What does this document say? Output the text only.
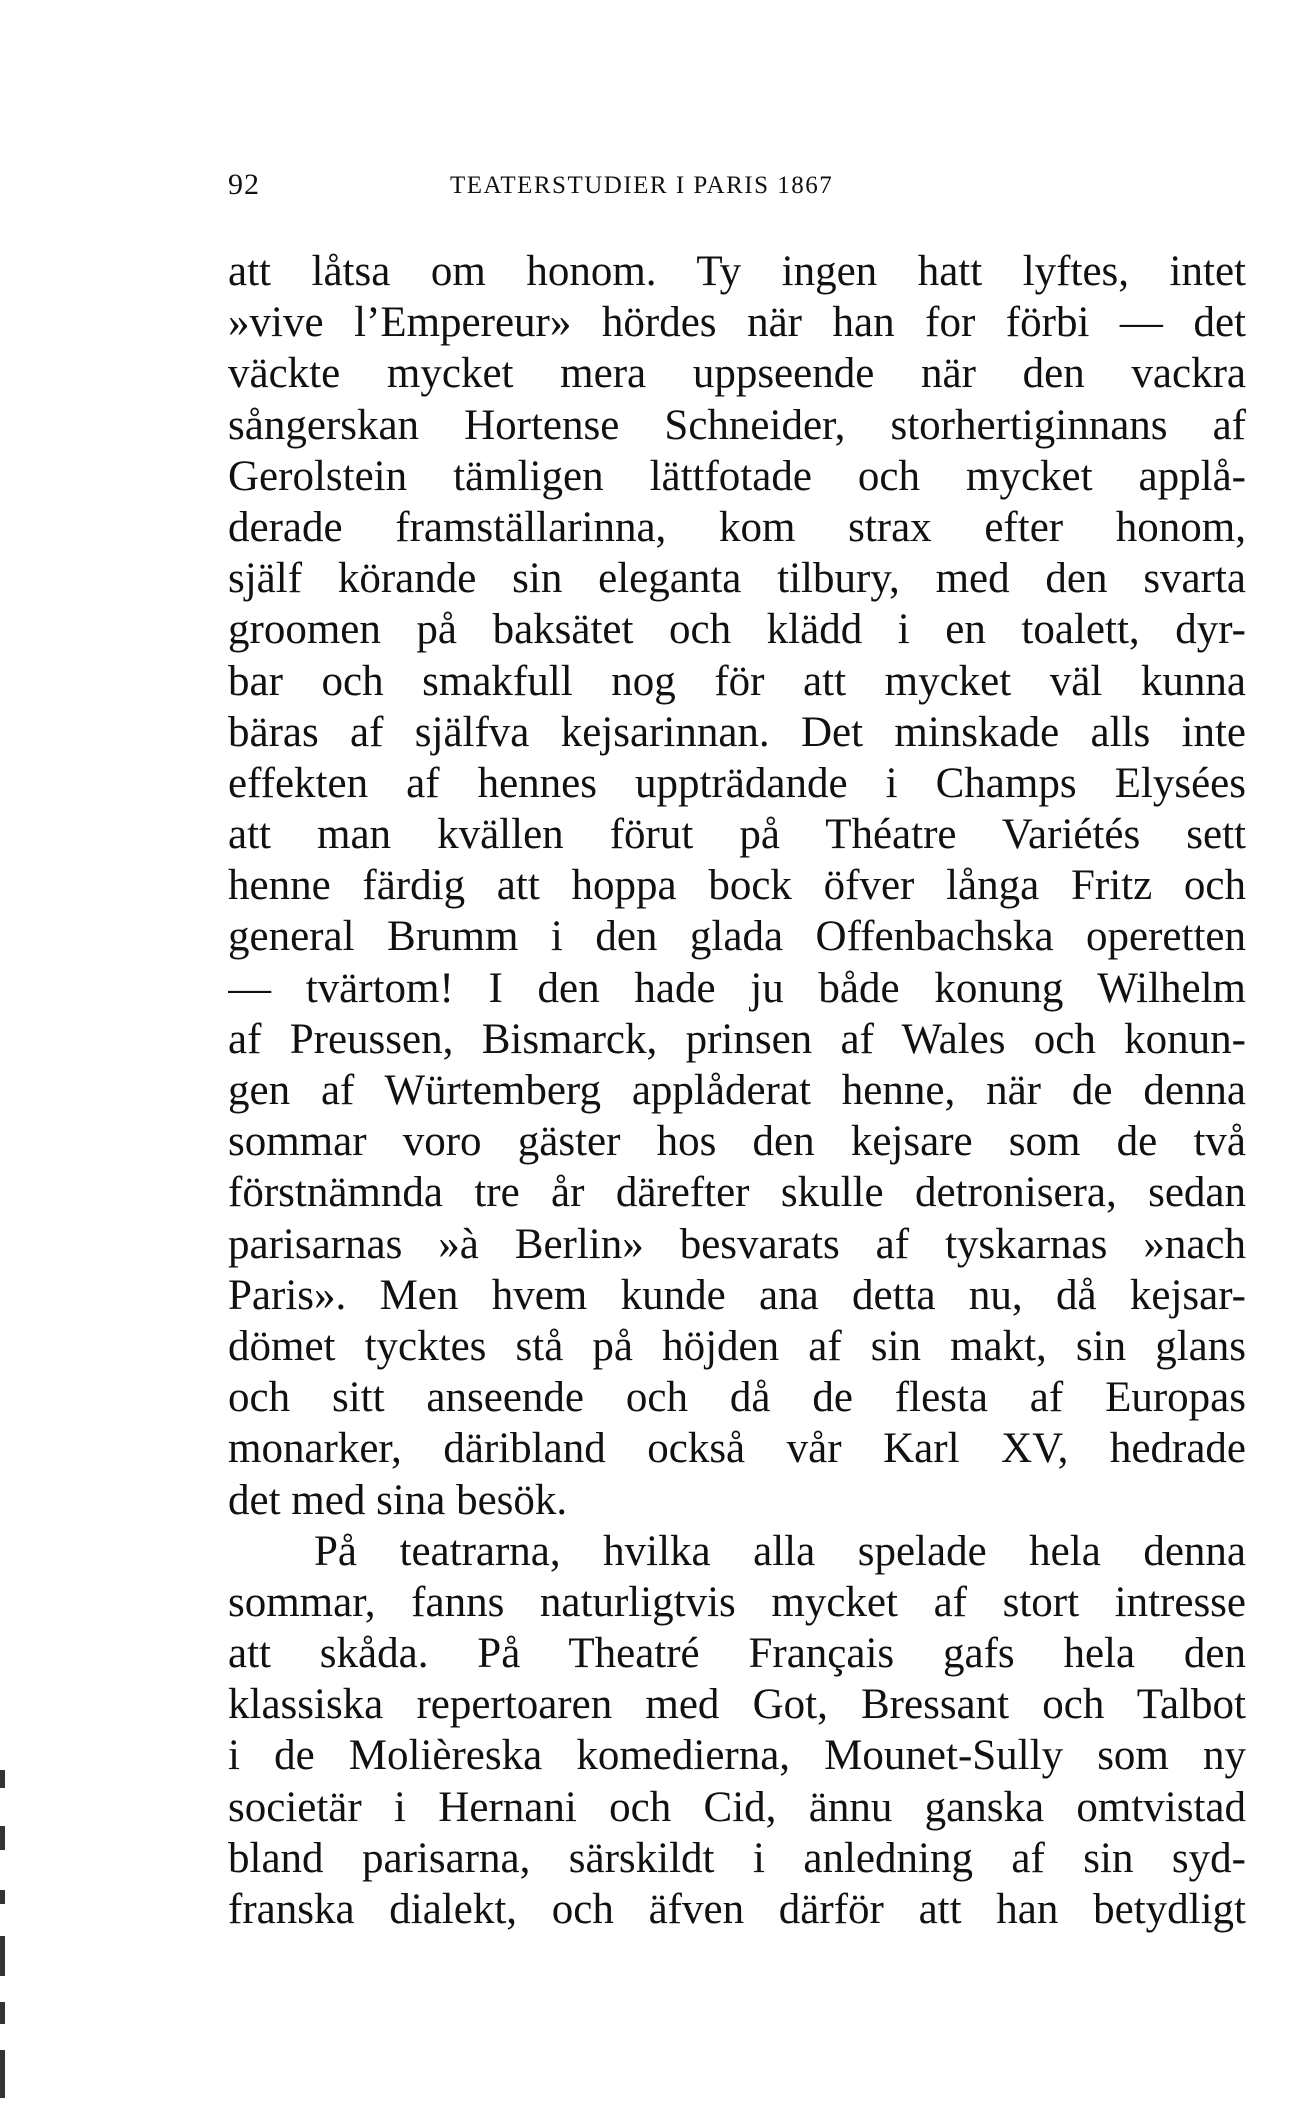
92	TEATERSTUDIER I PARIS 1867
att låtsa om honom. Ty ingen hatt lyftes, intet
»vive l’Empereur» hördes när han for förbi — det
väckte mycket mera uppseende när den vackra
sångerskan Hortense Schneider, storhertiginnans af
Gerolstein tämligen lättfotade och mycket applå-
derade framställarinna, kom strax efter honom,
själf körande sin eleganta tilbury, med den svarta
groomen på baksätet och klädd i en toalett, dyr-
bar och smakfull nog för att mycket väl kunna
bäras af själfva kejsarinnan. Det minskade alls inte
effekten af hennes uppträdande i Champs Elysées
att man kvällen förut på Théatre Variétés sett
henne färdig att hoppa bock öfver långa Fritz och
general Brumm i den glada Offenbachska operetten
— tvärtom! I den hade ju både konung Wilhelm
af Preussen, Bismarck, prinsen af Wales och konun-
gen af Würtemberg applåderat henne, när de denna
sommar voro gäster hos den kejsare som de två
förstnämnda tre år därefter skulle detronisera, sedan
parisarnas »à Berlin» besvarats af tyskarnas »nach
Paris». Men hvem kunde ana detta nu, då kejsar-
dömet tycktes stå på höjden af sin makt, sin glans
och sitt anseende och då de flesta af Europas
monarker, däribland också vår Karl XV, hedrade
det med sina besök.
På teatrarna, hvilka alla spelade hela denna
sommar, fanns naturligtvis mycket af stort intresse
att skåda. På Theatré Français gafs hela den
klassiska repertoaren med Got, Bressant och Talbot
i de Molièreska komedierna, Mounet-Sully som ny
societär i Hernani och Cid, ännu ganska omtvistad
bland parisarna, särskildt i anledning af sin syd-
franska dialekt, och äfven därför att han betydligt
